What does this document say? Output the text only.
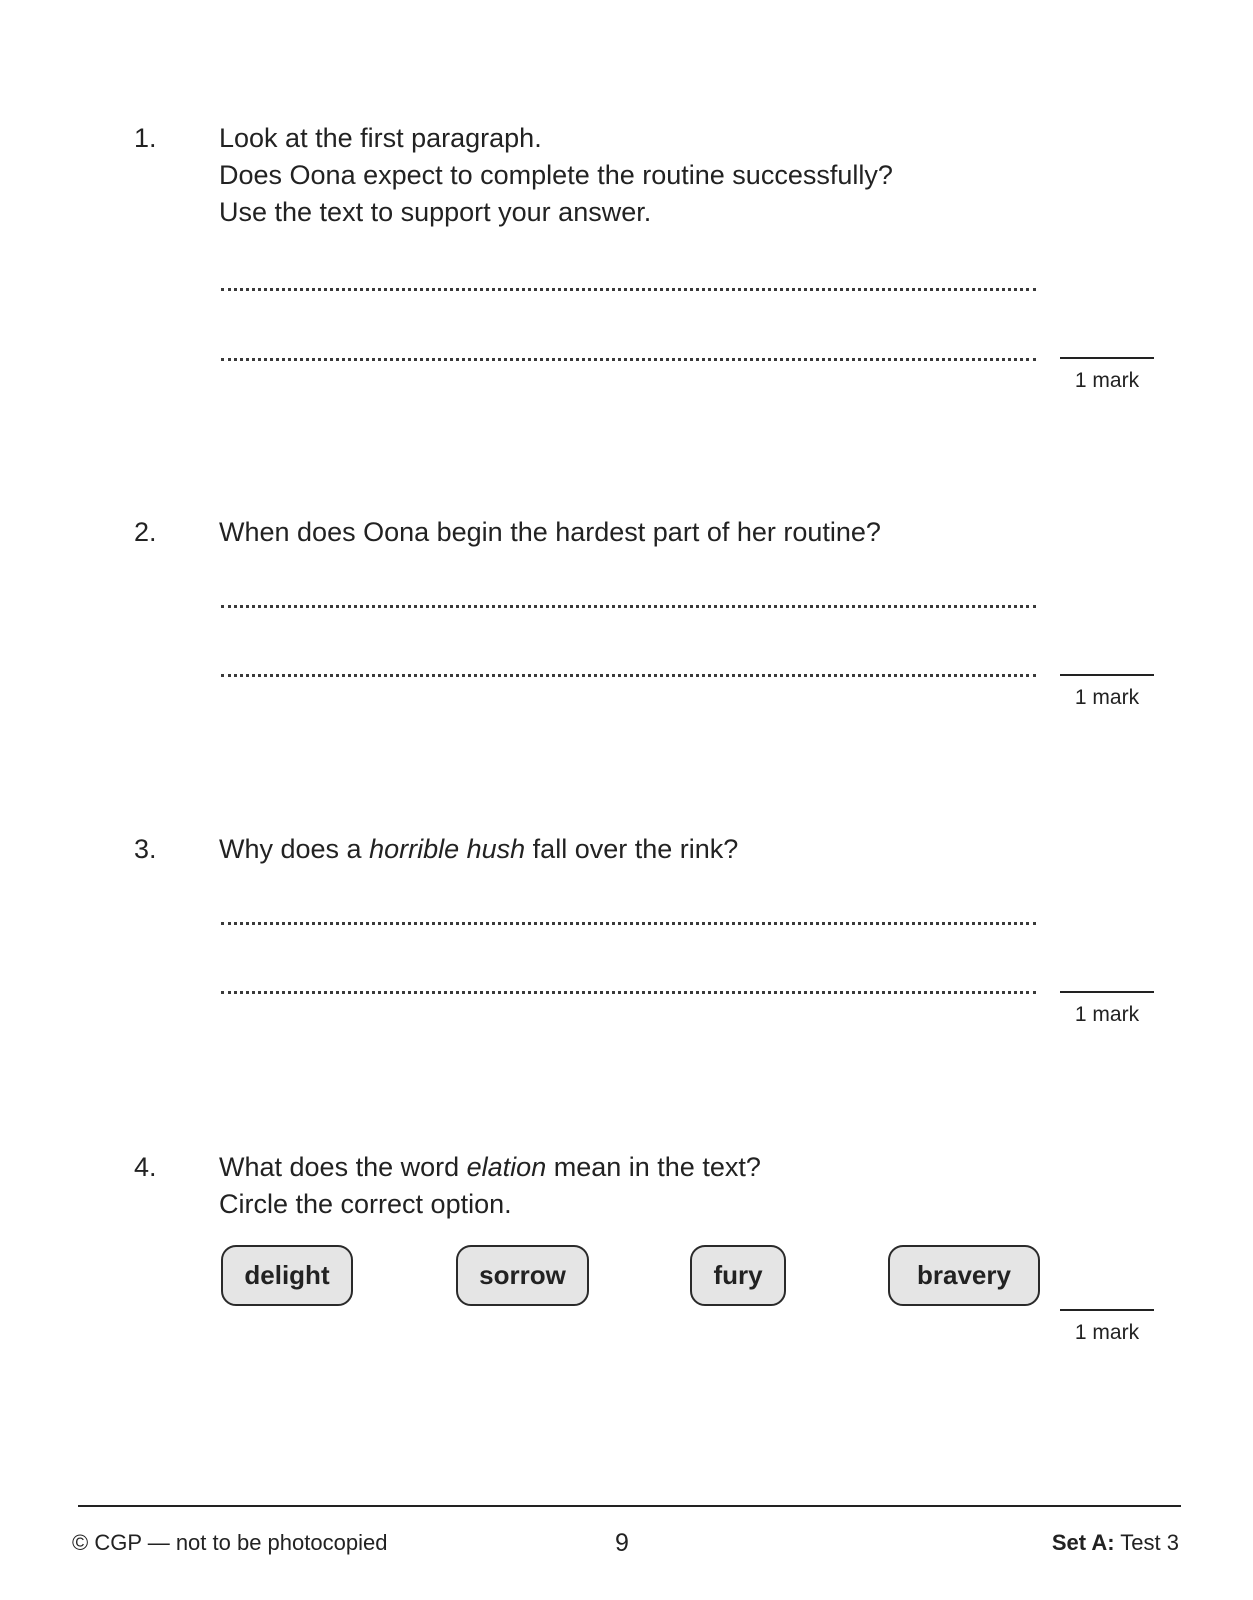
1. Look at the first paragraph.
Does Oona expect to complete the routine successfully?
Use the text to support your answer.
1 mark
2. When does Oona begin the hardest part of her routine?
1 mark
3. Why does a horrible hush fall over the rink?
1 mark
4. What does the word elation mean in the text?
Circle the correct option.
delight	sorrow	fury	bravery
1 mark
© CGP — not to be photocopied	9	Set A: Test 3
